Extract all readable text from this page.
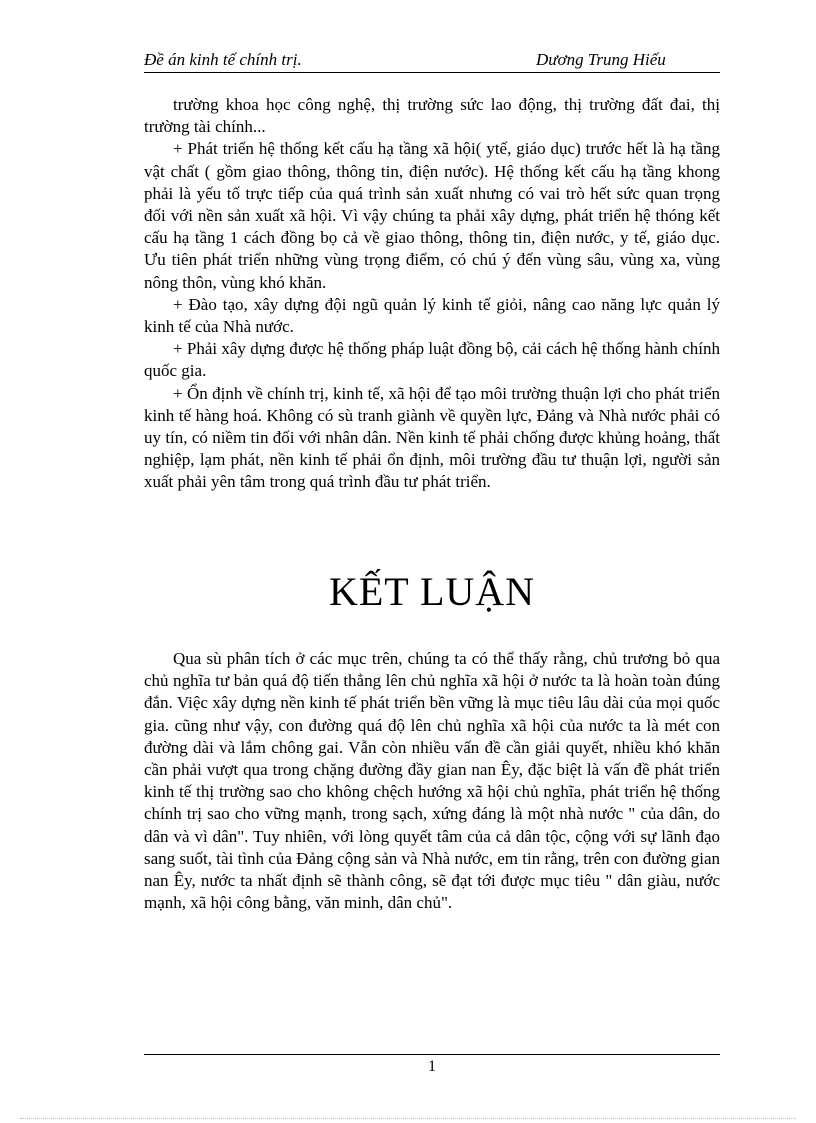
Đề án kinh tế chính trị.	Dương Trung Hiếu

trường khoa học công nghệ, thị trường sức lao động, thị trường đất đai, thị trường tài chính...

+ Phát triển hệ thống kết cấu hạ tầng xã hội( ytế, giáo dục) trước hết là hạ tầng vật chất ( gồm giao thông, thông tin, điện nước). Hệ thống kết cấu hạ tầng khong phải là yếu tố trực tiếp của quá trình sản xuất nhưng có vai trò hết sức quan trọng đối với nền sản xuất xã hội. Vì vậy chúng ta phải xây dựng, phát triển hệ thóng kết cấu hạ tầng 1 cách đồng bọ cả về giao thông, thông tin, điện nước, y tế, giáo dục. Ưu tiên phát triển những vùng trọng điểm, có chú ý đến vùng sâu, vùng xa, vùng nông thôn, vùng khó khăn.

+ Đào tạo, xây dựng đội ngũ quản lý kinh tế giỏi, nâng cao năng lực quản lý kinh tế của Nhà nước.

+ Phải xây dựng được hệ thống pháp luật đồng bộ, cải cách hệ thống hành chính quốc gia.

+ Ổn định về chính trị, kinh tế, xã hội để tạo môi trường thuận lợi cho phát triển kinh tế hàng hoá. Không có sù tranh giành về quyền lực, Đảng và Nhà nước phải có uy tín, có niềm tin đối với nhân dân. Nền kinh tế phải chống được khủng hoảng, thất nghiệp, lạm phát, nền kinh tế phải ổn định, môi trường đầu tư thuận lợi, người sản xuất phải yên tâm trong quá trình đầu tư phát triển.

KẾT LUẬN

Qua sù phân tích ở các mục trên, chúng ta có thể thấy rằng, chủ trương bỏ qua chủ nghĩa tư bản quá độ tiến thẳng lên chủ nghĩa xã hội ở nước ta là hoàn toàn đúng đắn. Việc xây dựng nền kinh tế phát triển bền vững là mục tiêu lâu dài của mọi quốc gia. cũng như vậy, con đường quá độ lên chủ nghĩa xã hội của nước ta là mét con đường dài và lắm chông gai. Vẫn còn nhiều vấn đề cần giải quyết, nhiều khó khăn cần phải vượt qua trong chặng đường đầy gian nan Êy, đặc biệt là vấn đề phát triển kinh tế thị trường sao cho không chệch hướng xã hội chủ nghĩa, phát triển hệ thống chính trị sao cho vững mạnh, trong sạch, xứng đáng là một nhà nước " của dân, do dân và vì dân". Tuy nhiên, với lòng quyết tâm của cả dân tộc, cộng với sự lãnh đạo sang suốt, tài tình của Đảng cộng sản và Nhà nước, em tin rằng, trên con đường gian nan Êy, nước ta nhất định sẽ thành công, sẽ đạt tới được mục tiêu " dân giàu, nước mạnh, xã hội công bằng, văn minh, dân chủ".

1
